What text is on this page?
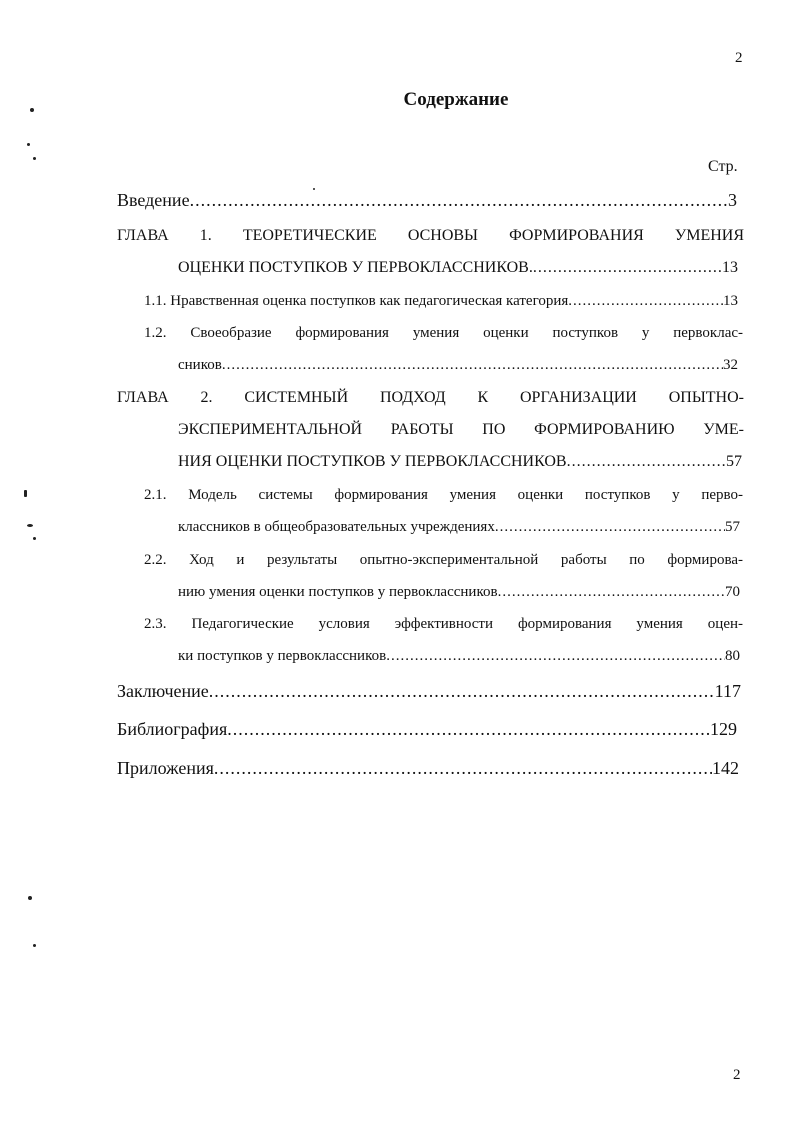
2
Содержание
Стр.
Введение .....	3
ГЛАВА 1. ТЕОРЕТИЧЕСКИЕ ОСНОВЫ ФОРМИРОВАНИЯ УМЕНИЯ
ОЦЕНКИ ПОСТУПКОВ У ПЕРВОКЛАССНИКОВ. .....	13
1.1. Нравственная оценка поступков как педагогическая категория .....	13
1.2. Своеобразие формирования умения оценки поступков у первоклас-
сников .....	32
ГЛАВА 2. СИСТЕМНЫЙ ПОДХОД К ОРГАНИЗАЦИИ ОПЫТНО-
ЭКСПЕРИМЕНТАЛЬНОЙ РАБОТЫ ПО ФОРМИРОВАНИЮ УМЕ-
НИЯ ОЦЕНКИ ПОСТУПКОВ У ПЕРВОКЛАССНИКОВ .....	57
2.1. Модель системы формирования умения оценки поступков у перво-
классников в общеобразовательных учреждениях .....	57
2.2. Ход и результаты опытно-экспериментальной работы по формирова-
нию умения оценки поступков у первоклассников .....	70
2.3. Педагогические условия эффективности формирования умения оцен-
ки поступков у первоклассников .....	80
Заключение .....	117
Библиография .....	129
Приложения .....	142
2
